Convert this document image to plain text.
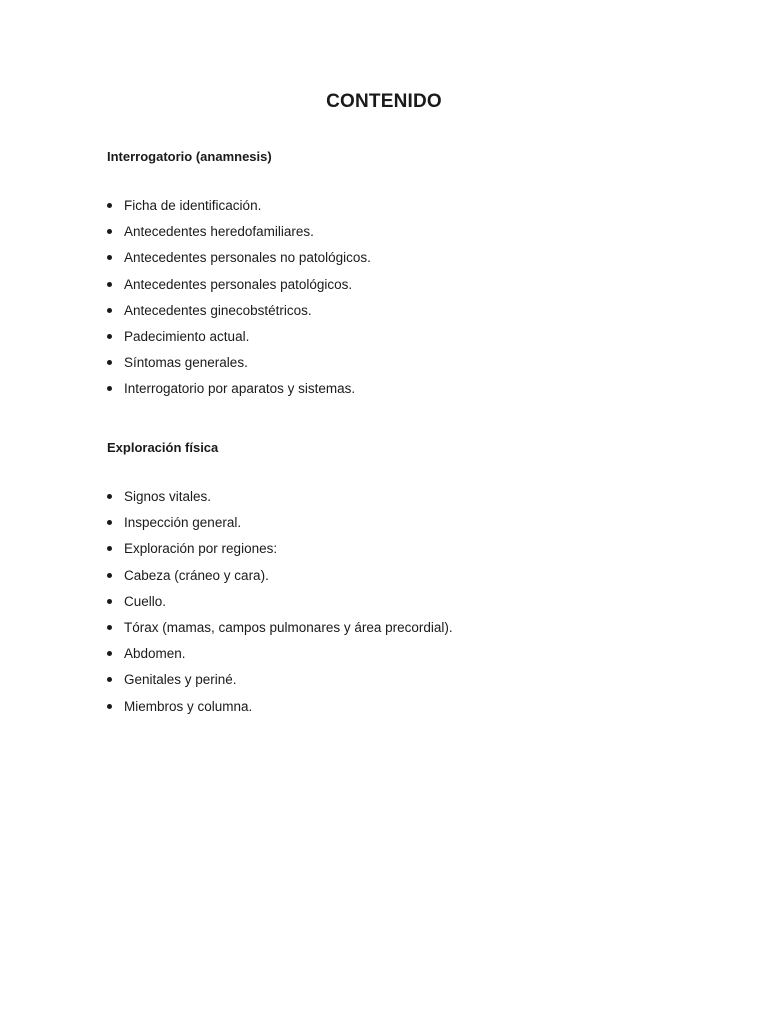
CONTENIDO
Interrogatorio (anamnesis)
Ficha de identificación.
Antecedentes heredofamiliares.
Antecedentes personales no patológicos.
Antecedentes personales patológicos.
Antecedentes ginecobstétricos.
Padecimiento actual.
Síntomas generales.
Interrogatorio por aparatos y sistemas.
Exploración física
Signos vitales.
Inspección general.
Exploración por regiones:
Cabeza (cráneo y cara).
Cuello.
Tórax (mamas, campos pulmonares y área precordial).
Abdomen.
Genitales y periné.
Miembros y columna.
